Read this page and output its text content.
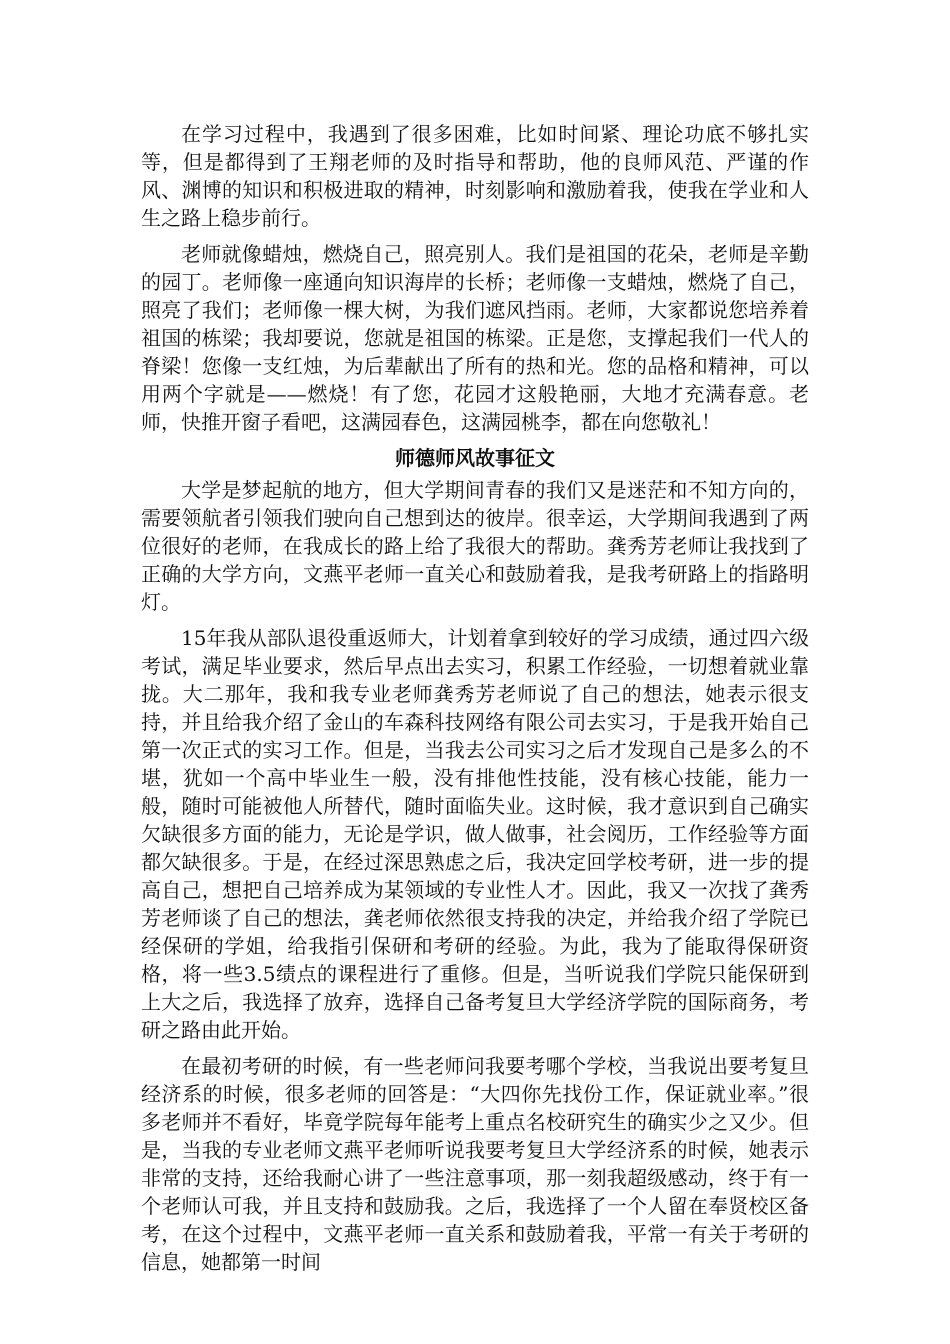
在学习过程中，我遇到了很多困难，比如时间紧、理论功底不够扎实等，但是都得到了王翔老师的及时指导和帮助，他的良师风范、严谨的作风、渊博的知识和积极进取的精神，时刻影响和激励着我，使我在学业和人生之路上稳步前行。

老师就像蜡烛，燃烧自己，照亮别人。我们是祖国的花朵，老师是辛勤的园丁。老师像一座通向知识海岸的长桥；老师像一支蜡烛，燃烧了自己，照亮了我们；老师像一棵大树，为我们遮风挡雨。老师，大家都说您培养着祖国的栋梁；我却要说，您就是祖国的栋梁。正是您，支撑起我们一代人的脊梁！您像一支红烛，为后辈献出了所有的热和光。您的品格和精神，可以用两个字就是——燃烧！有了您，花园才这般艳丽，大地才充满春意。老师，快推开窗子看吧，这满园春色，这满园桃李，都在向您敬礼！

师德师风故事征文

大学是梦起航的地方，但大学期间青春的我们又是迷茫和不知方向的，需要领航者引领我们驶向自己想到达的彼岸。很幸运，大学期间我遇到了两位很好的老师，在我成长的路上给了我很大的帮助。龚秀芳老师让我找到了正确的大学方向，文燕平老师一直关心和鼓励着我，是我考研路上的指路明灯。

15年我从部队退役重返师大，计划着拿到较好的学习成绩，通过四六级考试，满足毕业要求，然后早点出去实习，积累工作经验，一切想着就业靠拢。大二那年，我和我专业老师龚秀芳老师说了自己的想法，她表示很支持，并且给我介绍了金山的车森科技网络有限公司去实习，于是我开始自己第一次正式的实习工作。但是，当我去公司实习之后才发现自己是多么的不堪，犹如一个高中毕业生一般，没有排他性技能，没有核心技能，能力一般，随时可能被他人所替代，随时面临失业。这时候，我才意识到自己确实欠缺很多方面的能力，无论是学识，做人做事，社会阅历，工作经验等方面都欠缺很多。于是，在经过深思熟虑之后，我决定回学校考研，进一步的提高自己，想把自己培养成为某领域的专业性人才。因此，我又一次找了龚秀芳老师谈了自己的想法，龚老师依然很支持我的决定，并给我介绍了学院已经保研的学姐，给我指引保研和考研的经验。为此，我为了能取得保研资格，将一些3.5绩点的课程进行了重修。但是，当听说我们学院只能保研到上大之后，我选择了放弃，选择自己备考复旦大学经济学院的国际商务，考研之路由此开始。

在最初考研的时候，有一些老师问我要考哪个学校，当我说出要考复旦经济系的时候，很多老师的回答是：“大四你先找份工作，保证就业率。”很多老师并不看好，毕竟学院每年能考上重点名校研究生的确实少之又少。但是，当我的专业老师文燕平老师听说我要考复旦大学经济系的时候，她表示非常的支持，还给我耐心讲了一些注意事项，那一刻我超级感动，终于有一个老师认可我，并且支持和鼓励我。之后，我选择了一个人留在奉贤校区备考，在这个过程中，文燕平老师一直关系和鼓励着我，平常一有关于考研的信息，她都第一时间
